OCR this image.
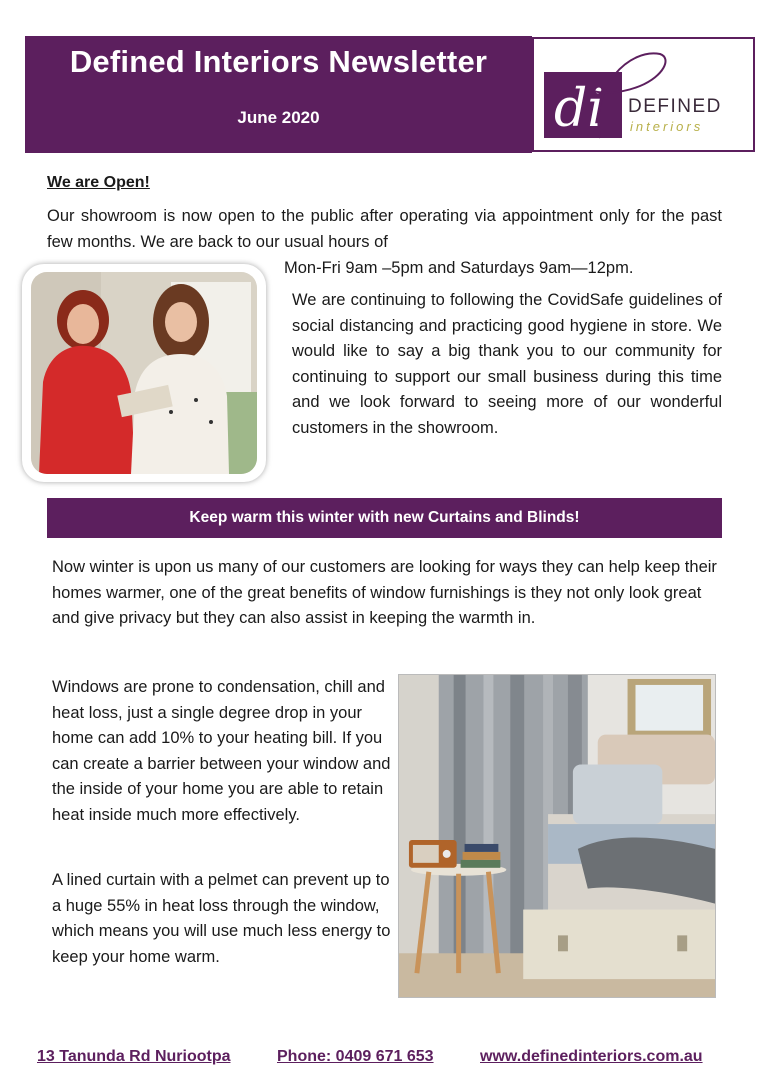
Defined Interiors Newsletter
June 2020	di DEFINED
interiors
We are Open!
Our showroom is now open to the public after operating via appointment only for the past few months. We are back to our usual hours of
Mon-Fri 9am –5pm and Saturdays 9am—12pm.
We are continuing to following the CovidSafe guidelines of social distancing and practicing good hygiene in store. We would like to say a big thank you to our community for continuing to support our small business during this time and we look forward to seeing more of our wonderful customers in the showroom.
Keep warm this winter with new Curtains and Blinds!
Now winter is upon us many of our customers are looking for ways they can help keep their homes warmer, one of the great benefits of window furnishings is they not only look great and give privacy but they can also assist in keeping the warmth in.
Windows are prone to condensation, chill and heat loss, just a single degree drop in your home can add 10% to your heating bill. If you can create a barrier between your window and the inside of your home you are able to retain heat inside much more effectively.
A lined curtain with a pelmet can prevent up to a huge 55% in heat loss through the window, which means you will use much less energy to keep your home warm.
13 Tanunda Rd Nuriootpa	Phone: 0409 671 653	www.definedinteriors.com.au
